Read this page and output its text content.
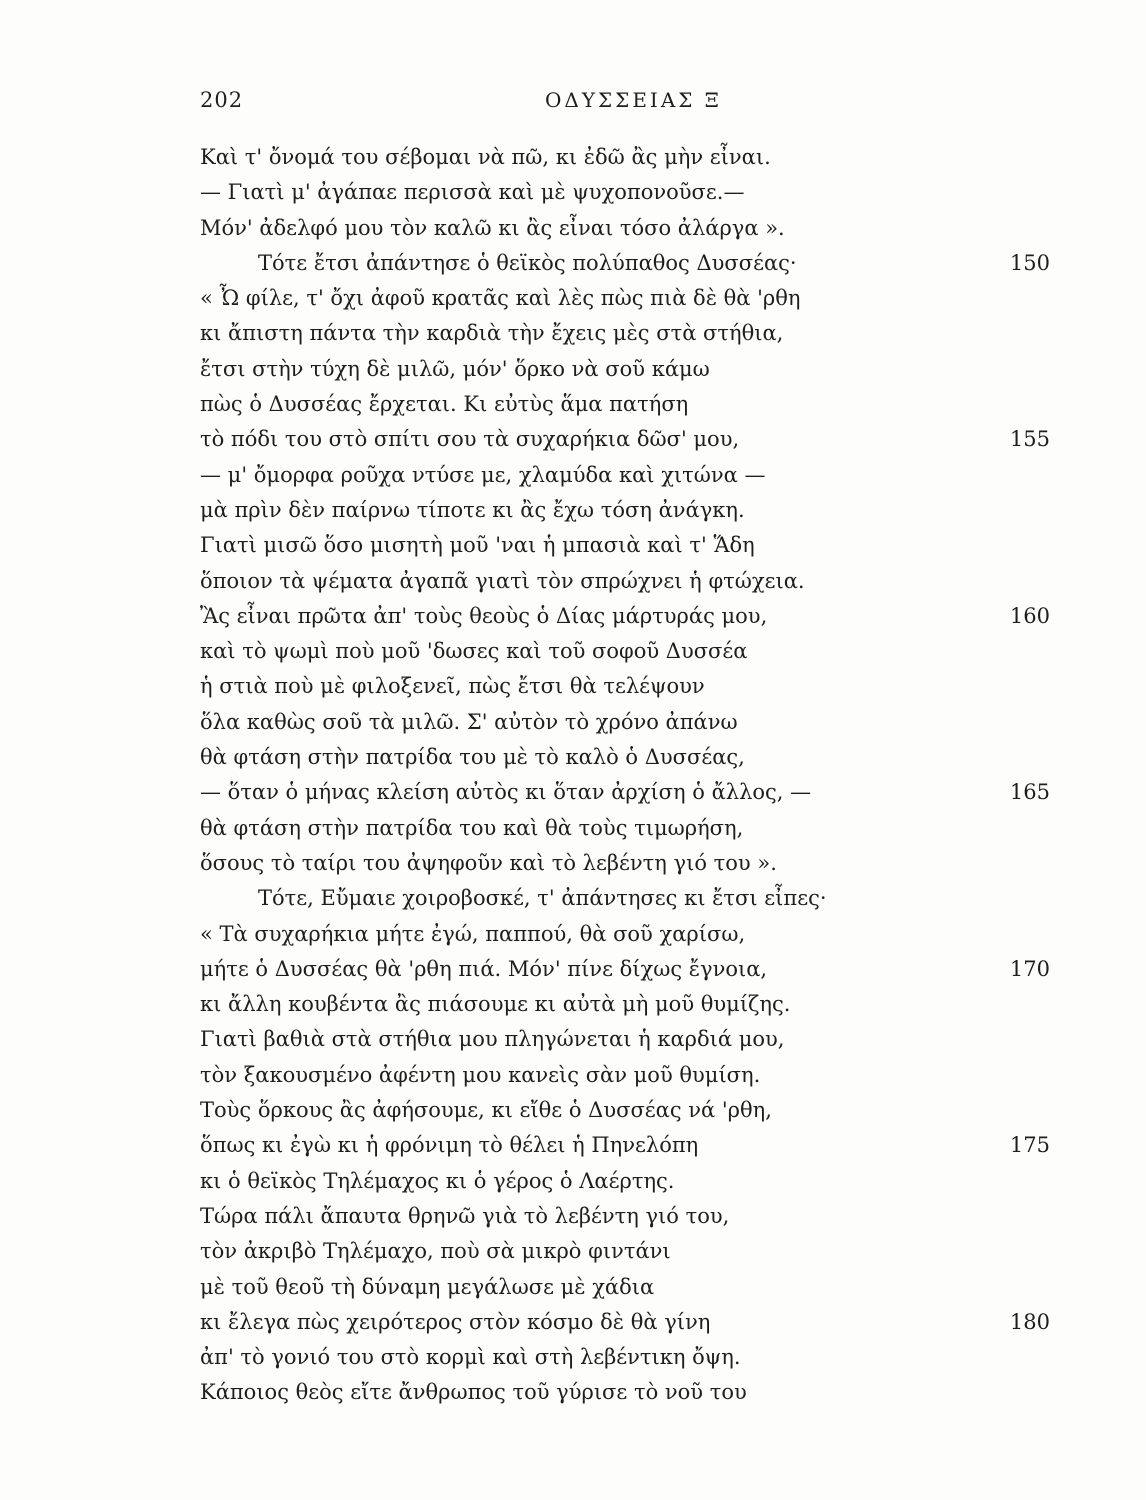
202	ΟΔΥΣΣΕΙΑΣ Ξ
Καὶ τ' ὄνομά του σέβομαι νὰ πῶ, κι ἐδῶ ἂς μὴν εἶναι.
— Γιατὶ μ' ἀγάπαε περισσὰ καὶ μὲ ψυχοπονοῦσε.—
Μόν' ἀδελφό μου τὸν καλῶ κι ἂς εἶναι τόσο ἀλάργα ».
Τότε ἔτσι ἀπάντησε ὁ θεϊκὸς πολύπαθος Δυσσέας·	150
« Ὦ φίλε, τ' ὄχι ἀφοῦ κρατᾶς καὶ λὲς πὼς πιὰ δὲ θὰ 'ρθη
κι ἄπιστη πάντα τὴν καρδιὰ τὴν ἔχεις μὲς στὰ στήθια,
ἔτσι στὴν τύχη δὲ μιλῶ, μόν' ὅρκο νὰ σοῦ κάμω
πὼς ὁ Δυσσέας ἔρχεται. Κι εὐτὺς ἅμα πατήση
τὸ πόδι του στὸ σπίτι σου τὰ συχαρήκια δῶσ' μου,	155
— μ' ὄμορφα ροῦχα ντύσε με, χλαμύδα καὶ χιτώνα —
μὰ πρὶν δὲν παίρνω τίποτε κι ἂς ἔχω τόση ἀνάγκη.
Γιατὶ μισῶ ὅσο μισητὴ μοῦ 'ναι ἡ μπασιὰ καὶ τ' Ἅδη
ὅποιον τὰ ψέματα ἀγαπᾶ γιατὶ τὸν σπρώχνει ἡ φτώχεια.
Ἂς εἶναι πρῶτα ἀπ' τοὺς θεοὺς ὁ Δίας μάρτυράς μου,	160
καὶ τὸ ψωμὶ ποὺ μοῦ 'δωσες καὶ τοῦ σοφοῦ Δυσσέα
ἡ στιὰ ποὺ μὲ φιλοξενεῖ, πὼς ἔτσι θὰ τελέψουν
ὅλα καθὼς σοῦ τὰ μιλῶ. Σ' αὐτὸν τὸ χρόνο ἀπάνω
θὰ φτάση στὴν πατρίδα του μὲ τὸ καλὸ ὁ Δυσσέας,
— ὅταν ὁ μήνας κλείση αὐτὸς κι ὅταν ἀρχίση ὁ ἄλλος, —	165
θὰ φτάση στὴν πατρίδα του καὶ θὰ τοὺς τιμωρήση,
ὅσους τὸ ταίρι του ἀψηφοῦν καὶ τὸ λεβέντη γιό του ».
Τότε, Εὔμαιε χοιροβοσκέ, τ' ἀπάντησες κι ἔτσι εἶπες·
« Τὰ συχαρήκια μήτε ἐγώ, παππού, θὰ σοῦ χαρίσω,
μήτε ὁ Δυσσέας θὰ 'ρθη πιά. Μόν' πίνε δίχως ἔγνοια,	170
κι ἄλλη κουβέντα ἂς πιάσουμε κι αὐτὰ μὴ μοῦ θυμίζης.
Γιατὶ βαθιὰ στὰ στήθια μου πληγώνεται ἡ καρδιά μου,
τὸν ξακουσμένο ἀφέντη μου κανεὶς σὰν μοῦ θυμίση.
Τοὺς ὅρκους ἂς ἀφήσουμε, κι εἴθε ὁ Δυσσέας νά 'ρθη,
ὅπως κι ἐγὼ κι ἡ φρόνιμη τὸ θέλει ἡ Πηνελόπη	175
κι ὁ θεϊκὸς Τηλέμαχος κι ὁ γέρος ὁ Λαέρτης.
Τώρα πάλι ἄπαυτα θρηνῶ γιὰ τὸ λεβέντη γιό του,
τὸν ἀκριβὸ Τηλέμαχο, ποὺ σὰ μικρὸ φιντάνι
μὲ τοῦ θεοῦ τὴ δύναμη μεγάλωσε μὲ χάδια
κι ἔλεγα πὼς χειρότερος στὸν κόσμο δὲ θὰ γίνη	180
ἀπ' τὸ γονιό του στὸ κορμὶ καὶ στὴ λεβέντικη ὄψη.
Κάποιος θεὸς εἴτε ἄνθρωπος τοῦ γύρισε τὸ νοῦ του
